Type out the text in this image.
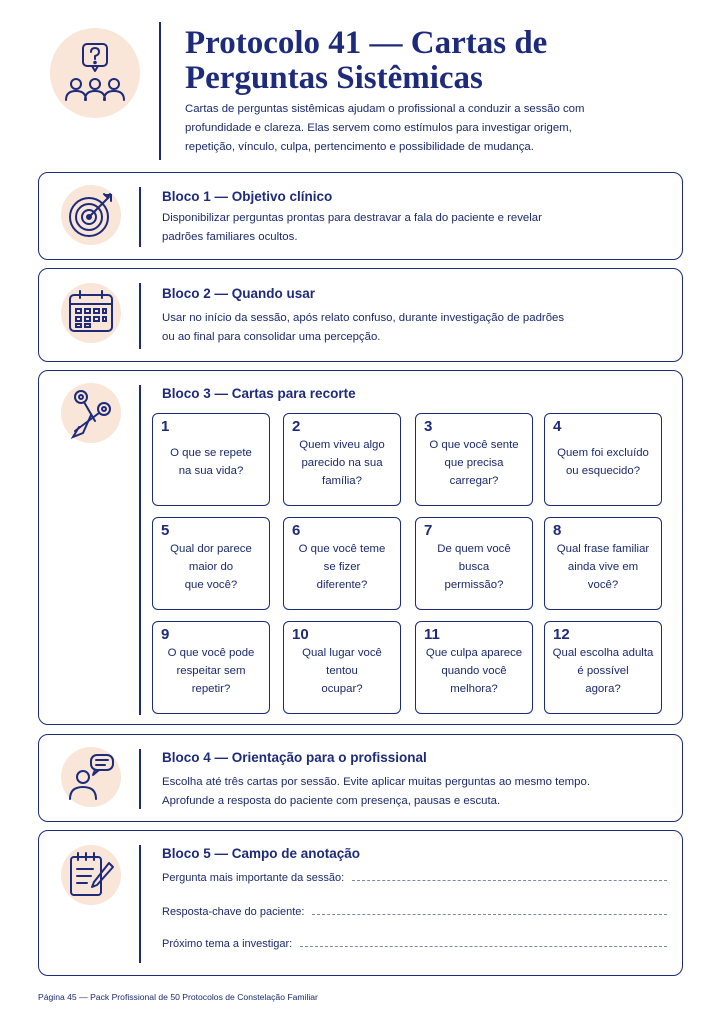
Protocolo 41 — Cartas de
Perguntas Sistêmicas
Cartas de perguntas sistêmicas ajudam o profissional a conduzir a sessão com
profundidade e clareza. Elas servem como estímulos para investigar origem,
repetição, vínculo, culpa, pertencimento e possibilidade de mudança.
Bloco 1 — Objetivo clínico
Disponibilizar perguntas prontas para destravar a fala do paciente e revelar
padrões familiares ocultos.
Bloco 2 — Quando usar
Usar no início da sessão, após relato confuso, durante investigação de padrões
ou ao final para consolidar uma percepção.
Bloco 3 — Cartas para recorte
1
O que se repete
na sua vida?
2
Quem viveu algo
parecido na sua
família?
3
O que você sente
que precisa
carregar?
4
Quem foi excluído
ou esquecido?
5
Qual dor parece
maior do
que você?
6
O que você teme
se fizer
diferente?
7
De quem você
busca
permissão?
8
Qual frase familiar
ainda vive em
você?
9
O que você pode
respeitar sem
repetir?
10
Qual lugar você
tentou
ocupar?
11
Que culpa aparece
quando você
melhora?
12
Qual escolha adulta
é possível
agora?
Bloco 4 — Orientação para o profissional
Escolha até três cartas por sessão. Evite aplicar muitas perguntas ao mesmo tempo.
Aprofunde a resposta do paciente com presença, pausas e escuta.
Bloco 5 — Campo de anotação
Pergunta mais importante da sessão:
Resposta-chave do paciente:
Próximo tema a investigar:
Página 45 — Pack Profissional de 50 Protocolos de Constelação Familiar
